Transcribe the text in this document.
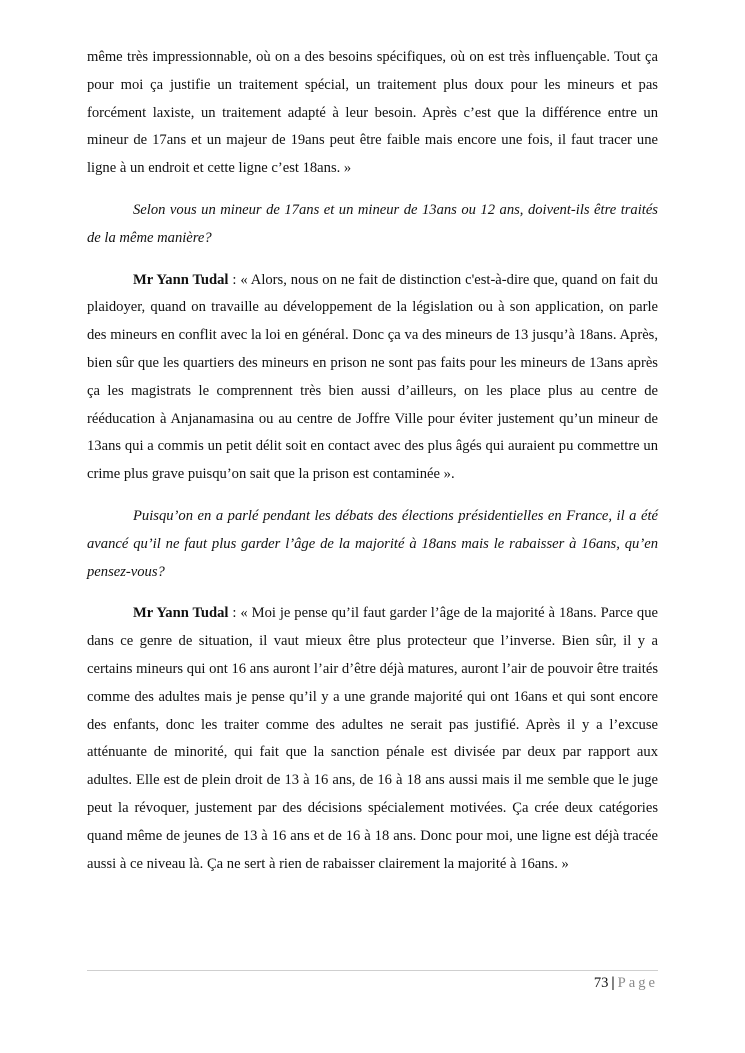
même très impressionnable, où on a des besoins spécifiques, où on est très influençable. Tout ça pour moi ça justifie un traitement spécial, un traitement plus doux pour les mineurs et pas forcément laxiste, un traitement adapté à leur besoin. Après c’est que la différence entre un mineur de 17ans et un majeur de 19ans peut être faible mais encore une fois, il faut tracer une ligne à un endroit et cette ligne c’est 18ans. »

Selon vous un mineur de 17ans et un mineur de 13ans ou 12 ans, doivent-ils être traités de la même manière?

Mr Yann Tudal : « Alors, nous on ne fait de distinction c'est-à-dire que, quand on fait du plaidoyer, quand on travaille au développement de la législation ou à son application, on parle des mineurs en conflit avec la loi en général. Donc ça va des mineurs de 13 jusqu’à 18ans. Après, bien sûr que les quartiers des mineurs en prison ne sont pas faits pour les mineurs de 13ans après ça les magistrats le comprennent très bien aussi d’ailleurs, on les place plus au centre de rééducation à Anjanamasina ou au centre de Joffre Ville pour éviter justement qu’un mineur de 13ans qui a commis un petit délit soit en contact avec des plus âgés qui auraient pu commettre un crime plus grave puisqu’on sait que la prison est contaminée ».

Puisqu’on en a parlé pendant les débats des élections présidentielles en France, il a été avancé qu’il ne faut plus garder l’âge de la majorité à 18ans mais le rabaisser à 16ans, qu’en pensez-vous?

Mr Yann Tudal : « Moi je pense qu’il faut garder l’âge de la majorité à 18ans. Parce que dans ce genre de situation, il vaut mieux être plus protecteur que l’inverse. Bien sûr, il y a certains mineurs qui ont 16 ans auront l’air d’être déjà matures, auront l’air de pouvoir être traités comme des adultes mais je pense qu’il y a une grande majorité qui ont 16ans et qui sont encore des enfants, donc les traiter comme des adultes ne serait pas justifié. Après il y a l’excuse atténuante de minorité, qui fait que la sanction pénale est divisée par deux par rapport aux adultes. Elle est de plein droit de 13 à 16 ans, de 16 à 18 ans aussi mais il me semble que le juge peut la révoquer, justement par des décisions spécialement motivées. Ça crée deux catégories quand même de jeunes de 13 à 16 ans et de 16 à 18 ans. Donc pour moi, une ligne est déjà tracée aussi à ce niveau là. Ça ne sert à rien de rabaisser clairement la majorité à 16ans. »

73 | Page
